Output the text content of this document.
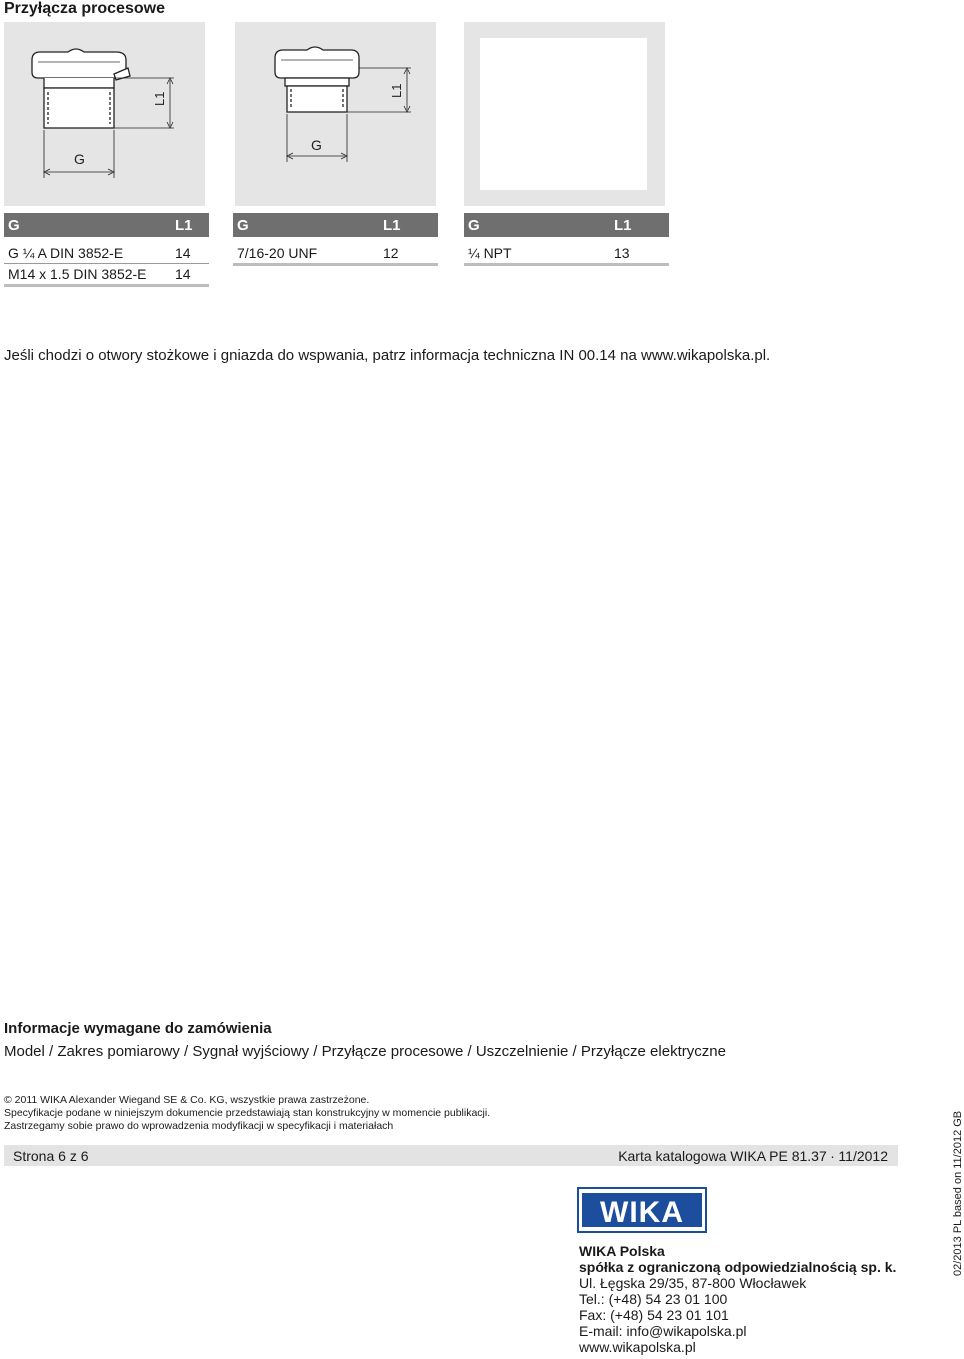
Przyłącza procesowe
G
L1
G
L1
G	L1
G ¼ A DIN 3852-E	14
M14 x 1.5 DIN 3852-E 14
G	L1
7/16-20 UNF	12
G	L1
¼ NPT	13
Jeśli chodzi o otwory stożkowe i gniazda do wspwania, patrz informacja techniczna IN 00.14 na www.wikapolska.pl.
Informacje wymagane do zamówienia
Model / Zakres pomiarowy / Sygnał wyjściowy / Przyłącze procesowe / Uszczelnienie / Przyłącze elektryczne
© 2011 WIKA Alexander Wiegand SE & Co. KG, wszystkie prawa zastrzeżone.
Specyfikacje podane w niniejszym dokumencie przedstawiają stan konstrukcyjny w momencie publikacji.
Zastrzegamy sobie prawo do wprowadzenia modyfikacji w specyfikacji i materiałach
Strona 6 z 6	Karta katalogowa WIKA PE 81.37 ∙ 11/2012	02/2013 PL based on 11/2012 GB
WIKA
WIKA Polska
spółka z ograniczoną odpowiedzialnością sp. k.
Ul. Łęgska 29/35, 87-800 Włocławek
Tel.: (+48) 54 23 01 100
Fax: (+48) 54 23 01 101
E-mail: info@wikapolska.pl
www.wikapolska.pl
